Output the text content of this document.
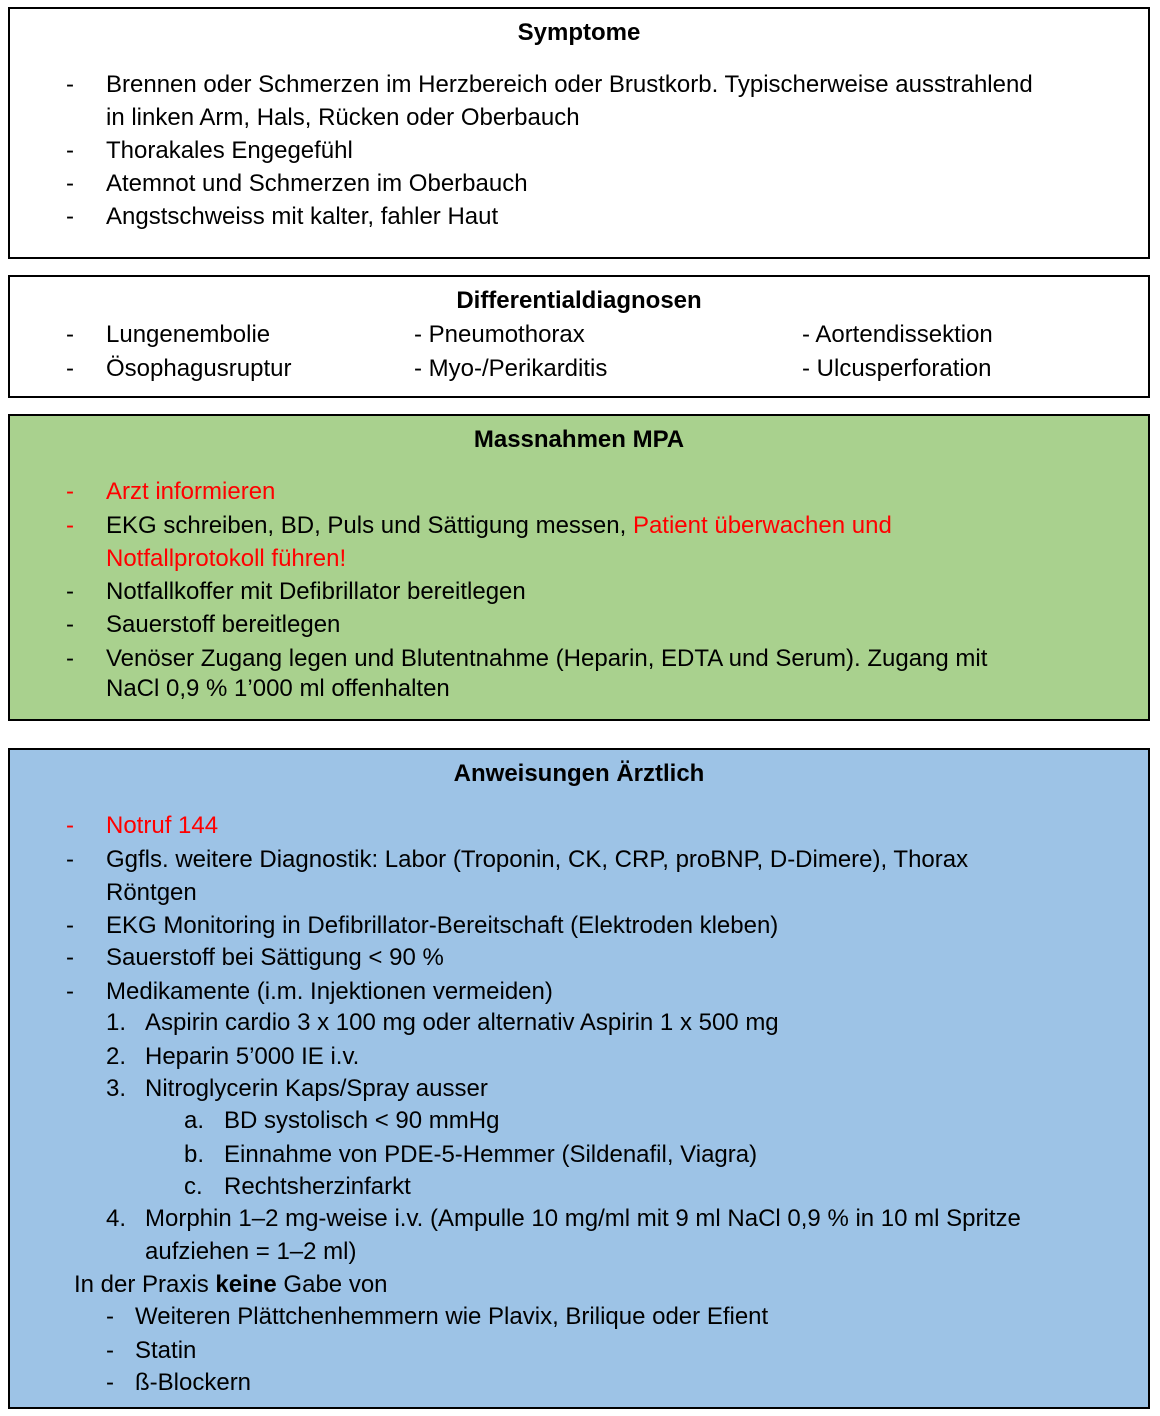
Symptome
- Brennen oder Schmerzen im Herzbereich oder Brustkorb. Typischerweise ausstrahlend
in linken Arm, Hals, Rücken oder Oberbauch
- Thorakales Engegefühl
- Atemnot und Schmerzen im Oberbauch
- Angstschweiss mit kalter, fahler Haut
Differentialdiagnosen
- Lungenembolie
- Ösophagusruptur
- Pneumothorax
- Myo-/Perikarditis
- Aortendissektion
- Ulcusperforation
Massnahmen MPA
- Arzt informieren
- EKG schreiben, BD, Puls und Sättigung messen, Patient überwachen und
Notfallprotokoll führen!
- Notfallkoffer mit Defibrillator bereitlegen
- Sauerstoff bereitlegen
- Venöser Zugang legen und Blutentnahme (Heparin, EDTA und Serum). Zugang mit
NaCl 0,9 % 1’000 ml offenhalten
Anweisungen Ärztlich
- Notruf 144
- Ggfls. weitere Diagnostik: Labor (Troponin, CK, CRP, proBNP, D-Dimere), Thorax
Röntgen
- EKG Monitoring in Defibrillator-Bereitschaft (Elektroden kleben)
- Sauerstoff bei Sättigung < 90 %
- Medikamente (i.m. Injektionen vermeiden)
1. Aspirin cardio 3 x 100 mg oder alternativ Aspirin 1 x 500 mg
2. Heparin 5’000 IE i.v.
3. Nitroglycerin Kaps/Spray ausser
a. BD systolisch < 90 mmHg
b. Einnahme von PDE-5-Hemmer (Sildenafil, Viagra)
c. Rechtsherzinfarkt
4. Morphin 1–2 mg-weise i.v. (Ampulle 10 mg/ml mit 9 ml NaCl 0,9 % in 10 ml Spritze
aufziehen = 1–2 ml)
In der Praxis keine Gabe von
- Weiteren Plättchenhemmern wie Plavix, Brilique oder Efient
- Statin
- ß-Blockern
